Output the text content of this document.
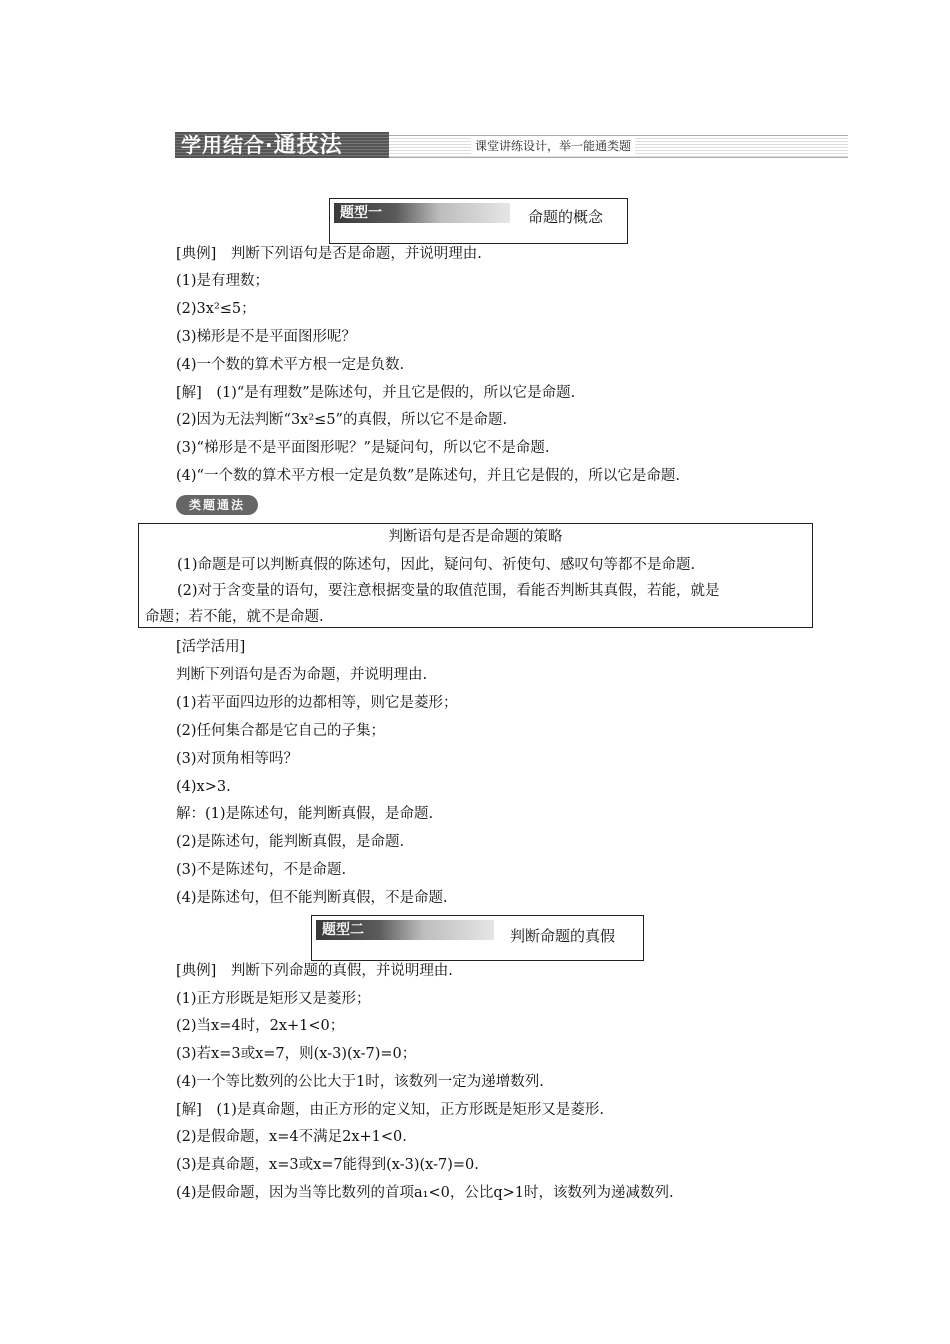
学用结合·通技法	课堂讲练设计，举一能通类题
题型一	命题的概念
[典例]　判断下列语句是否是命题，并说明理由.
(1)是有理数；
(2)3x²≤5；
(3)梯形是不是平面图形呢？
(4)一个数的算术平方根一定是负数.
[解]　(1)“是有理数”是陈述句，并且它是假的，所以它是命题.
(2)因为无法判断“3x²≤5”的真假，所以它不是命题.
(3)“梯形是不是平面图形呢？”是疑问句，所以它不是命题.
(4)“一个数的算术平方根一定是负数”是陈述句，并且它是假的，所以它是命题.
类题通法
判断语句是否是命题的策略
(1)命题是可以判断真假的陈述句，因此，疑问句、祈使句、感叹句等都不是命题.
(2)对于含变量的语句，要注意根据变量的取值范围，看能否判断其真假，若能，就是
命题；若不能，就不是命题.
[活学活用]
判断下列语句是否为命题，并说明理由.
(1)若平面四边形的边都相等，则它是菱形；
(2)任何集合都是它自己的子集；
(3)对顶角相等吗？
(4)x>3.
解：(1)是陈述句，能判断真假，是命题.
(2)是陈述句，能判断真假，是命题.
(3)不是陈述句，不是命题.
(4)是陈述句，但不能判断真假，不是命题.
题型二	判断命题的真假
[典例]　判断下列命题的真假，并说明理由.
(1)正方形既是矩形又是菱形；
(2)当x=4时，2x+1<0；
(3)若x=3或x=7，则(x-3)(x-7)=0；
(4)一个等比数列的公比大于1时，该数列一定为递增数列.
[解]　(1)是真命题，由正方形的定义知，正方形既是矩形又是菱形.
(2)是假命题，x=4不满足2x+1<0.
(3)是真命题，x=3或x=7能得到(x-3)(x-7)=0.
(4)是假命题，因为当等比数列的首项a₁<0，公比q>1时，该数列为递减数列.
